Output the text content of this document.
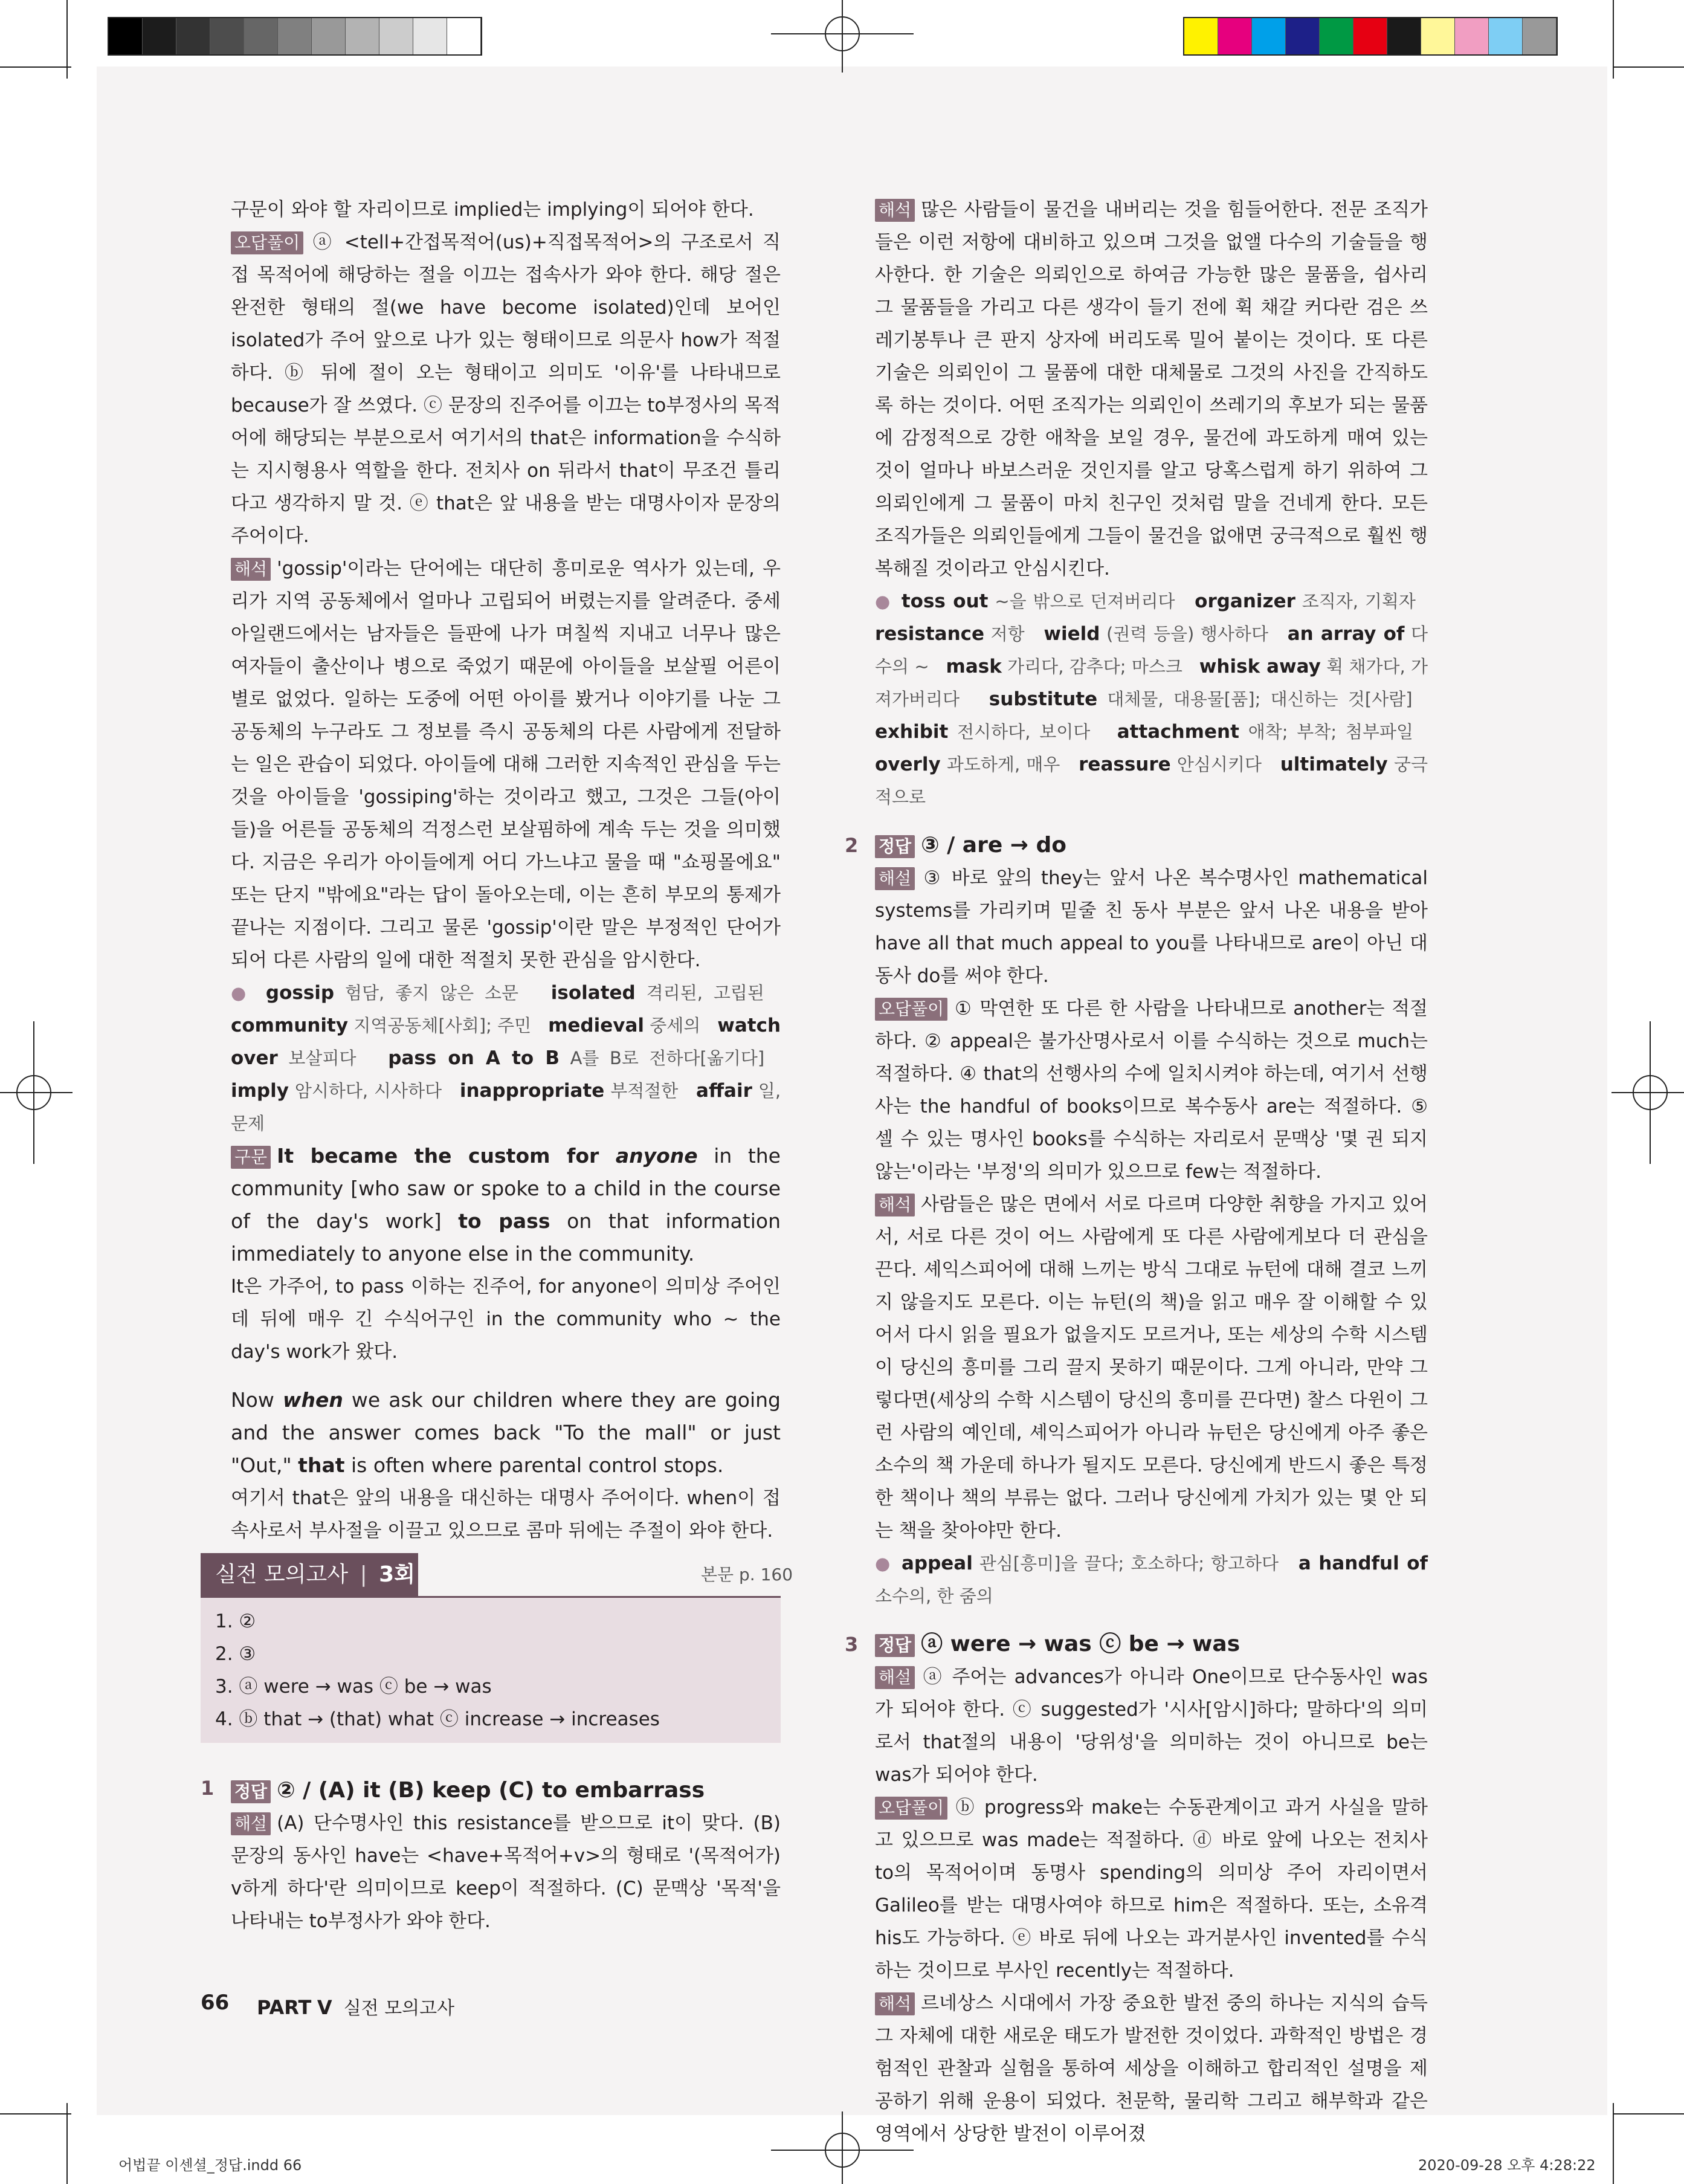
구문이 와야 할 자리이므로 implied는 implying이 되어야 한다.

오답풀이 ⓐ <tell+간접목적어(us)+직접목적어>의 구조로서 직접 목적어에 해당하는 절을 이끄는 접속사가 와야 한다. 해당 절은 완전한 형태의 절(we have become isolated)인데 보어인 isolated가 주어 앞으로 나가 있는 형태이므로 의문사 how가 적절하다. ⓑ 뒤에 절이 오는 형태이고 의미도 '이유'를 나타내므로 because가 잘 쓰였다. ⓒ 문장의 진주어를 이끄는 to부정사의 목적어에 해당되는 부분으로서 여기서의 that은 information을 수식하는 지시형용사 역할을 한다. 전치사 on 뒤라서 that이 무조건 틀리다고 생각하지 말 것. ⓔ that은 앞 내용을 받는 대명사이자 문장의 주어이다.

해석 'gossip'이라는 단어에는 대단히 흥미로운 역사가 있는데, 우리가 지역 공동체에서 얼마나 고립되어 버렸는지를 알려준다. 중세 아일랜드에서는 남자들은 들판에 나가 며칠씩 지내고 너무나 많은 여자들이 출산이나 병으로 죽었기 때문에 아이들을 보살필 어른이 별로 없었다. 일하는 도중에 어떤 아이를 봤거나 이야기를 나눈 그 공동체의 누구라도 그 정보를 즉시 공동체의 다른 사람에게 전달하는 일은 관습이 되었다. 아이들에 대해 그러한 지속적인 관심을 두는 것을 아이들을 'gossiping'하는 것이라고 했고, 그것은 그들(아이들)을 어른들 공동체의 걱정스런 보살핌하에 계속 두는 것을 의미했다. 지금은 우리가 아이들에게 어디 가느냐고 물을 때 "쇼핑몰에요" 또는 단지 "밖에요"라는 답이 돌아오는데, 이는 흔히 부모의 통제가 끝나는 지점이다. 그리고 물론 'gossip'이란 말은 부정적인 단어가 되어 다른 사람의 일에 대한 적절치 못한 관심을 암시한다.

● gossip 험담, 좋지 않은 소문 isolated 격리된, 고립된   community 지역공동체[사회]; 주민 medieval 중세의 watch over 보살피다 pass on A to B A를 B로 전하다[옮기다]   imply 암시하다, 시사하다 inappropriate 부적절한 affair 일, 문제

구문 It became the custom for anyone in the community [who saw or spoke to a child in the course of the day's work] to pass on that information immediately to anyone else in the community.

It은 가주어, to pass 이하는 진주어, for anyone이 의미상 주어인데 뒤에 매우 긴 수식어구인 in the community who ~ the day's work가 왔다.

Now when we ask our children where they are going and the answer comes back "To the mall" or just "Out," that is often where parental control stops.

여기서 that은 앞의 내용을 대신하는 대명사 주어이다. when이 접속사로서 부사절을 이끌고 있으므로 콤마 뒤에는 주절이 와야 한다.

실전 모의고사 | 3회	본문 p. 160
1. ②
2. ③
3. ⓐ were → was ⓒ be → was
4. ⓑ that → (that) what ⓒ increase → increases
1 정답 ② / (A) it (B) keep (C) to embarrass

해설 (A) 단수명사인 this resistance를 받으므로 it이 맞다. (B) 문장의 동사인 have는 <have+목적어+v>의 형태로 '(목적어가) v하게 하다'란 의미이므로 keep이 적절하다. (C) 문맥상 '목적'을 나타내는 to부정사가 와야 한다.

해석 많은 사람들이 물건을 내버리는 것을 힘들어한다. 전문 조직가들은 이런 저항에 대비하고 있으며 그것을 없앨 다수의 기술들을 행사한다. 한 기술은 의뢰인으로 하여금 가능한 많은 물품을, 쉽사리 그 물품들을 가리고 다른 생각이 들기 전에 휙 채갈 커다란 검은 쓰레기봉투나 큰 판지 상자에 버리도록 밀어 붙이는 것이다. 또 다른 기술은 의뢰인이 그 물품에 대한 대체물로 그것의 사진을 간직하도록 하는 것이다. 어떤 조직가는 의뢰인이 쓰레기의 후보가 되는 물품에 감정적으로 강한 애착을 보일 경우, 물건에 과도하게 매여 있는 것이 얼마나 바보스러운 것인지를 알고 당혹스럽게 하기 위하여 그 의뢰인에게 그 물품이 마치 친구인 것처럼 말을 건네게 한다. 모든 조직가들은 의뢰인들에게 그들이 물건을 없애면 궁극적으로 훨씬 행복해질 것이라고 안심시킨다.

● toss out ~을 밖으로 던져버리다 organizer 조직자, 기획자   resistance 저항 wield (권력 등을) 행사하다 an array of 다수의 ~ mask 가리다, 감추다; 마스크 whisk away 휙 채가다, 가져가버리다 substitute 대체물, 대용물[품]; 대신하는 것[사람]   exhibit 전시하다, 보이다 attachment 애착; 부착; 첨부파일   overly 과도하게, 매우 reassure 안심시키다 ultimately 궁극적으로

2 정답 ③ / are → do

해설 ③ 바로 앞의 they는 앞서 나온 복수명사인 mathematical systems를 가리키며 밑줄 친 동사 부분은 앞서 나온 내용을 받아 have all that much appeal to you를 나타내므로 are이 아닌 대동사 do를 써야 한다.

오답풀이 ① 막연한 또 다른 한 사람을 나타내므로 another는 적절하다. ② appeal은 불가산명사로서 이를 수식하는 것으로 much는 적절하다. ④ that의 선행사의 수에 일치시켜야 하는데, 여기서 선행사는 the handful of books이므로 복수동사 are는 적절하다. ⑤ 셀 수 있는 명사인 books를 수식하는 자리로서 문맥상 '몇 권 되지 않는'이라는 '부정'의 의미가 있으므로 few는 적절하다.

해석 사람들은 많은 면에서 서로 다르며 다양한 취향을 가지고 있어서, 서로 다른 것이 어느 사람에게 또 다른 사람에게보다 더 관심을 끈다. 셰익스피어에 대해 느끼는 방식 그대로 뉴턴에 대해 결코 느끼지 않을지도 모른다. 이는 뉴턴(의 책)을 읽고 매우 잘 이해할 수 있어서 다시 읽을 필요가 없을지도 모르거나, 또는 세상의 수학 시스템이 당신의 흥미를 그리 끌지 못하기 때문이다. 그게 아니라, 만약 그렇다면(세상의 수학 시스템이 당신의 흥미를 끈다면) 찰스 다윈이 그런 사람의 예인데, 셰익스피어가 아니라 뉴턴은 당신에게 아주 좋은 소수의 책 가운데 하나가 될지도 모른다. 당신에게 반드시 좋은 특정한 책이나 책의 부류는 없다. 그러나 당신에게 가치가 있는 몇 안 되는 책을 찾아야만 한다.

● appeal 관심[흥미]을 끌다; 호소하다; 항고하다 a handful of 소수의, 한 줌의

3 정답 ⓐ were → was ⓒ be → was

해설 ⓐ 주어는 advances가 아니라 One이므로 단수동사인 was가 되어야 한다. ⓒ suggested가 '시사[암시]하다; 말하다'의 의미로서 that절의 내용이 '당위성'을 의미하는 것이 아니므로 be는 was가 되어야 한다.

오답풀이 ⓑ progress와 make는 수동관계이고 과거 사실을 말하고 있으므로 was made는 적절하다. ⓓ 바로 앞에 나오는 전치사 to의 목적어이며 동명사 spending의 의미상 주어 자리이면서 Galileo를 받는 대명사여야 하므로 him은 적절하다. 또는, 소유격 his도 가능하다. ⓔ 바로 뒤에 나오는 과거분사인 invented를 수식하는 것이므로 부사인 recently는 적절하다.

해석 르네상스 시대에서 가장 중요한 발전 중의 하나는 지식의 습득 그 자체에 대한 새로운 태도가 발전한 것이었다. 과학적인 방법은 경험적인 관찰과 실험을 통하여 세상을 이해하고 합리적인 설명을 제공하기 위해 운용이 되었다. 천문학, 물리학 그리고 해부학과 같은 영역에서 상당한 발전이 이루어졌

66 PART V 실전 모의고사
어법끝 이센셜_정답.indd 66	2020-09-28 오후 4:28:22
